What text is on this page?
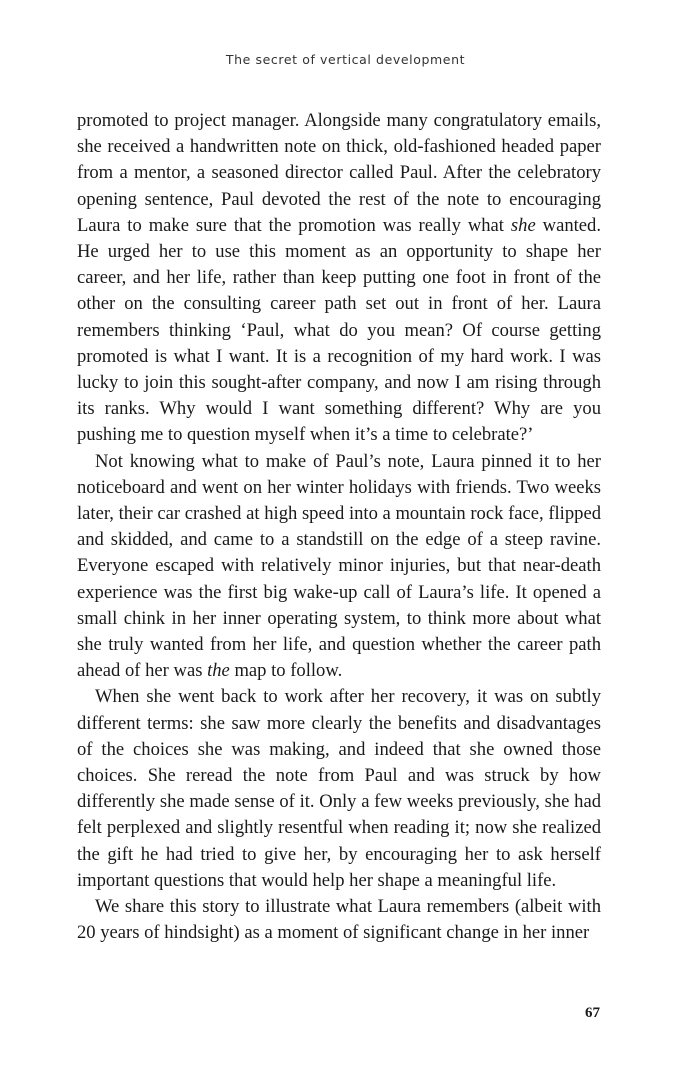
The secret of vertical development

promoted to project manager. Alongside many congratulatory emails, she received a handwritten note on thick, old-fashioned headed paper from a mentor, a seasoned director called Paul. After the celebratory opening sentence, Paul devoted the rest of the note to encouraging Laura to make sure that the promotion was really what she wanted. He urged her to use this moment as an opportunity to shape her career, and her life, rather than keep putting one foot in front of the other on the consulting career path set out in front of her. Laura remembers thinking ‘Paul, what do you mean? Of course getting promoted is what I want. It is a recognition of my hard work. I was lucky to join this sought-after company, and now I am rising through its ranks. Why would I want something different? Why are you pushing me to question myself when it’s a time to celebrate?’

Not knowing what to make of Paul’s note, Laura pinned it to her noticeboard and went on her winter holidays with friends. Two weeks later, their car crashed at high speed into a mountain rock face, flipped and skidded, and came to a standstill on the edge of a steep ravine. Everyone escaped with relatively minor injuries, but that near-death experience was the first big wake-up call of Laura’s life. It opened a small chink in her inner operating system, to think more about what she truly wanted from her life, and question whether the career path ahead of her was the map to follow.

When she went back to work after her recovery, it was on subtly different terms: she saw more clearly the benefits and disadvantages of the choices she was making, and indeed that she owned those choices. She reread the note from Paul and was struck by how differently she made sense of it. Only a few weeks previously, she had felt perplexed and slightly resentful when reading it; now she realized the gift he had tried to give her, by encouraging her to ask herself important questions that would help her shape a meaningful life.

We share this story to illustrate what Laura remembers (albeit with 20 years of hindsight) as a moment of significant change in her inner

67
